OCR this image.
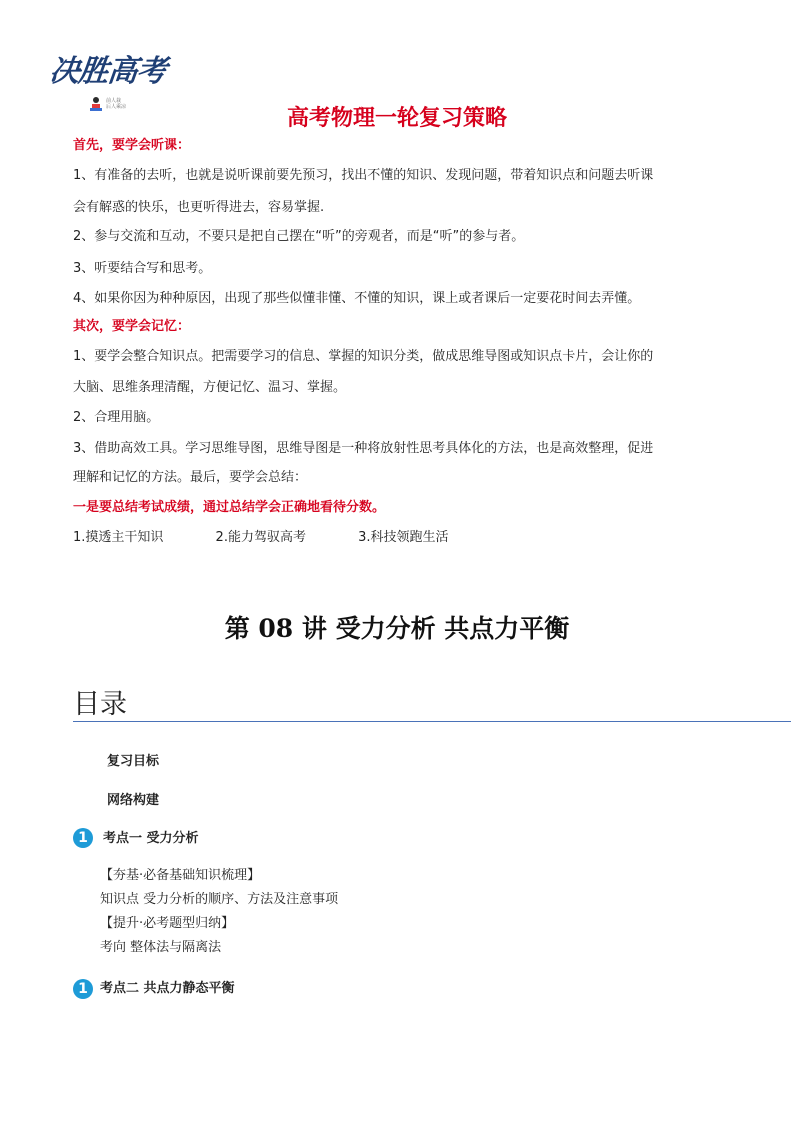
决胜高考
前人栽
后人乘凉	高考物理一轮复习策略
首先，要学会听课：
1、有准备的去听，也就是说听课前要先预习，找出不懂的知识、发现问题，带着知识点和问题去听课
会有解惑的快乐，也更听得进去，容易掌握.
2、参与交流和互动，不要只是把自己摆在“听”的旁观者，而是“听”的参与者。
3、听要结合写和思考。
4、如果你因为种种原因，出现了那些似懂非懂、不懂的知识，课上或者课后一定要花时间去弄懂。
其次，要学会记忆：
1、要学会整合知识点。把需要学习的信息、掌握的知识分类，做成思维导图或知识点卡片，会让你的
大脑、思维条理清醒，方便记忆、温习、掌握。
2、合理用脑。
3、借助高效工具。学习思维导图，思维导图是一种将放射性思考具体化的方法，也是高效整理，促进
理解和记忆的方法。最后，要学会总结：
一是要总结考试成绩，通过总结学会正确地看待分数。
1.摸透主干知识	2.能力驾驭高考	3.科技领跑生活
第 08 讲 受力分析 共点力平衡
目录
复习目标
网络构建
1	考点一 受力分析
【夯基·必备基础知识梳理】
知识点 受力分析的顺序、方法及注意事项
【提升·必考题型归纳】
考向 整体法与隔离法
1 考点二 共点力静态平衡
